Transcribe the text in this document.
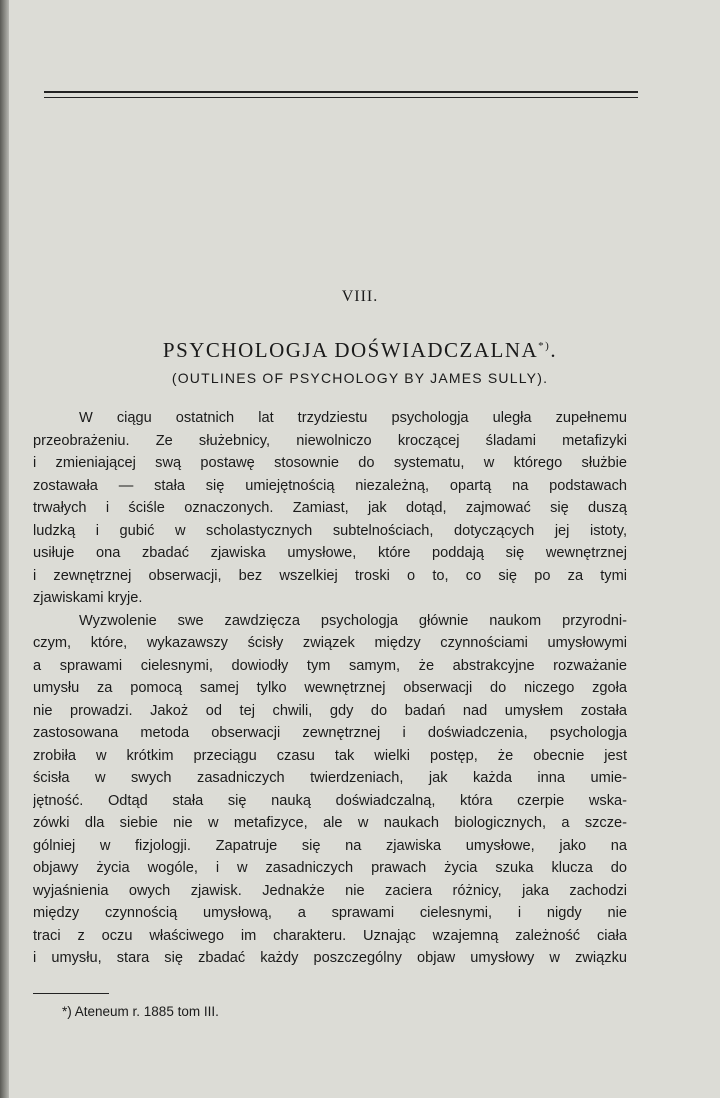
VIII.
PSYCHOLOGJA DOŚWIADCZALNA*).
(OUTLINES OF PSYCHOLOGY BY JAMES SULLY).
W ciągu ostatnich lat trzydziestu psychologja uległa zupełnemu
przeobrażeniu. Ze służebnicy, niewolniczo kroczącej śladami metafizyki
i zmieniającej swą postawę stosownie do systematu, w którego służbie
zostawała — stała się umiejętnością niezależną, opartą na podstawach
trwałych i ściśle oznaczonych. Zamiast, jak dotąd, zajmować się duszą
ludzką i gubić w scholastycznych subtelnościach, dotyczących jej istoty,
usiłuje ona zbadać zjawiska umysłowe, które poddają się wewnętrznej
i zewnętrznej obserwacji, bez wszelkiej troski o to, co się po za tymi
zjawiskami kryje.
Wyzwolenie swe zawdzięcza psychologja głównie naukom przyrodni-
czym, które, wykazawszy ścisły związek między czynnościami umysłowymi
a sprawami cielesnymi, dowiodły tym samym, że abstrakcyjne rozważanie
umysłu za pomocą samej tylko wewnętrznej obserwacji do niczego zgoła
nie prowadzi. Jakoż od tej chwili, gdy do badań nad umysłem została
zastosowana metoda obserwacji zewnętrznej i doświadczenia, psychologja
zrobiła w krótkim przeciągu czasu tak wielki postęp, że obecnie jest
ścisła w swych zasadniczych twierdzeniach, jak każda inna umie-
jętność. Odtąd stała się nauką doświadczalną, która czerpie wska-
zówki dla siebie nie w metafizyce, ale w naukach biologicznych, a szcze-
gólniej w fizjologji. Zapatruje się na zjawiska umysłowe, jako na
objawy życia wogóle, i w zasadniczych prawach życia szuka klucza do
wyjaśnienia owych zjawisk. Jednakże nie zaciera różnicy, jaka zachodzi
między czynnością umysłową, a sprawami cielesnymi, i nigdy nie
traci z oczu właściwego im charakteru. Uznając wzajemną zależność ciała
i umysłu, stara się zbadać każdy poszczególny objaw umysłowy w związku
*) Ateneum r. 1885 tom III.
